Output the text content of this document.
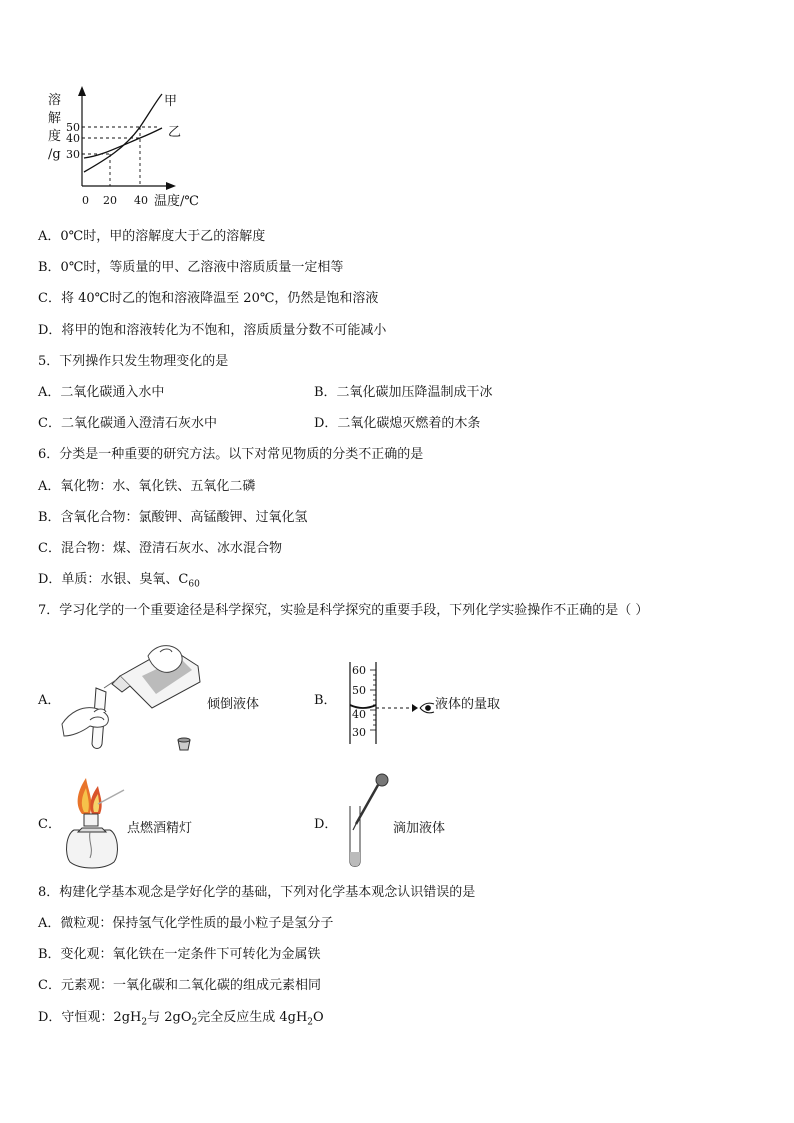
溶
解
度
/g
50
40
30
0 20 40 温度/℃
甲
乙
A．0℃时，甲的溶解度大于乙的溶解度
B．0℃时，等质量的甲、乙溶液中溶质质量一定相等
C．将 40℃时乙的饱和溶液降温至 20℃，仍然是饱和溶液
D．将甲的饱和溶液转化为不饱和，溶质质量分数不可能减小
5．下列操作只发生物理变化的是
A．二氧化碳通入水中	B．二氧化碳加压降温制成干冰
C．二氧化碳通入澄清石灰水中	D．二氧化碳熄灭燃着的木条
6．分类是一种重要的研究方法。以下对常见物质的分类不正确的是
A．氧化物：水、氧化铁、五氧化二磷
B．含氧化合物：氯酸钾、高锰酸钾、过氧化氢
C．混合物：煤、澄清石灰水、冰水混合物
D．单质：水银、臭氧、$C_{60}$
7．学习化学的一个重要途径是科学探究，实验是科学探究的重要手段，下列化学实验操作不正确的是（ ）
A．	倾倒液体	B．
60
50
40
30
液体的量取
C．	点燃酒精灯	D．	滴加液体
8．构建化学基本观念是学好化学的基础，下列对化学基本观念认识错误的是
A．微粒观：保持氢气化学性质的最小粒子是氢分子
B．变化观：氧化铁在一定条件下可转化为金属铁
C．元素观：一氧化碳和二氧化碳的组成元素相同
D．守恒观：$2gH_2$与 $2gO_2$完全反应生成 $4gH_2O$
